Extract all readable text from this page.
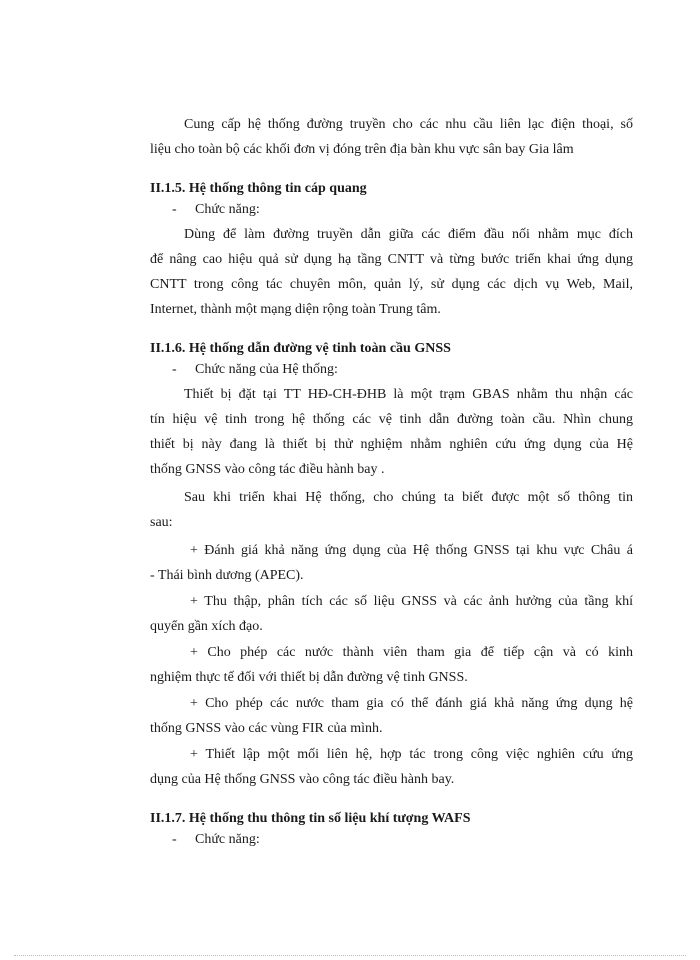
Cung cấp hệ thống đường truyền cho các nhu cầu liên lạc điện thoại, số
liệu cho toàn bộ các khối đơn vị đóng trên địa bàn khu vực sân bay Gia lâm
II.1.5. Hệ thống thông tin cáp quang
- Chức năng:
Dùng để làm đường truyền dẫn giữa các điểm đầu nối nhằm mục đích
để nâng cao hiệu quả sử dụng hạ tầng CNTT và từng bước triển khai ứng dụng
CNTT trong công tác chuyên môn, quản lý, sử dụng các dịch vụ Web, Mail,
Internet, thành một mạng diện rộng toàn Trung tâm.
II.1.6. Hệ thống dẫn đường vệ tinh toàn cầu GNSS
- Chức năng của Hệ thống:
Thiết bị đặt tại TT HĐ-CH-ĐHB là một trạm GBAS nhằm thu nhận các
tín hiệu vệ tinh trong hệ thống các vệ tinh dẫn đường toàn cầu. Nhìn chung
thiết bị này đang là thiết bị thử nghiệm nhằm nghiên cứu ứng dụng của Hệ
thống GNSS vào công tác điều hành bay .
Sau khi triển khai Hệ thống, cho chúng ta biết được một số thông tin
sau:
+ Đánh giá khả năng ứng dụng của Hệ thống GNSS tại khu vực Châu á
- Thái bình dương (APEC).
+ Thu thập, phân tích các số liệu GNSS và các ảnh hưởng của tầng khí
quyển gần xích đạo.
+ Cho phép các nước thành viên tham gia để tiếp cận và có kinh
nghiệm thực tế đối với thiết bị dẫn đường vệ tinh GNSS.
+ Cho phép các nước tham gia có thể đánh giá khả năng ứng dụng hệ
thống GNSS vào các vùng FIR của mình.
+ Thiết lập một mối liên hệ, hợp tác trong công việc nghiên cứu ứng
dụng của Hệ thống GNSS vào công tác điều hành bay.
II.1.7. Hệ thống thu thông tin số liệu khí tượng WAFS
- Chức năng:
